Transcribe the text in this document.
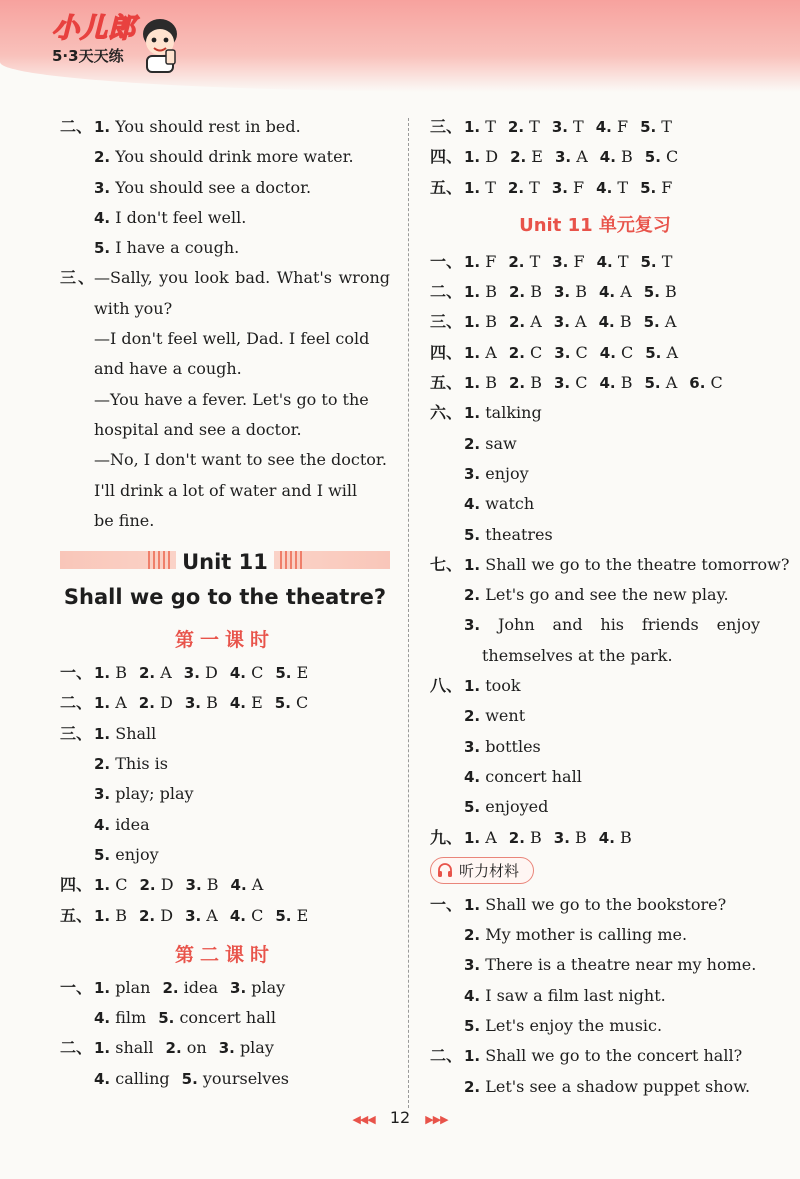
小儿郎
5·3天天练
二、 1. You should rest in bed.
2. You should drink more water.
3. You should see a doctor.
4. I don't feel well.
5. I have a cough.
三、—Sally, you look bad. What's wrong
with you?
—I don't feel well, Dad. I feel cold
and have a cough.
—You have a fever. Let's go to the
hospital and see a doctor.
—No, I don't want to see the doctor.
I'll drink a lot of water and I will
be fine.
Unit 11
Shall we go to the theatre?
第一课时
一、 1. B 2. A 3. D 4. C 5. E
二、 1. A 2. D 3. B 4. E 5. C
三、 1. Shall
2. This is
3. play; play
4. idea
5. enjoy
四、 1. C 2. D 3. B 4. A
五、 1. B 2. D 3. A 4. C 5. E
第二课时
一、 1. plan 2. idea 3. play
4. film 5. concert hall
二、 1. shall 2. on 3. play
4. calling 5. yourselves
三、 1. T 2. T 3. T 4. F 5. T
四、 1. D 2. E 3. A 4. B 5. C
五、 1. T 2. T 3. F 4. T 5. F
Unit 11 单元复习
一、 1. F 2. T 3. F 4. T 5. T
二、 1. B 2. B 3. B 4. A 5. B
三、 1. B 2. A 3. A 4. B 5. A
四、 1. A 2. C 3. C 4. C 5. A
五、 1. B 2. B 3. C 4. B 5. A 6. C
六、 1. talking
2. saw
3. enjoy
4. watch
5. theatres
七、 1. Shall we go to the theatre tomorrow?
2. Let's go and see the new play.
3. John and his friends enjoy
themselves at the park.
八、 1. took
2. went
3. bottles
4. concert hall
5. enjoyed
九、 1. A 2. B 3. B 4. B
听力材料
一、 1. Shall we go to the bookstore?
2. My mother is calling me.
3. There is a theatre near my home.
4. I saw a film last night.
5. Let's enjoy the music.
二、 1. Shall we go to the concert hall?
2. Let's see a shadow puppet show.
◀◀◀ 12 ▶▶▶
